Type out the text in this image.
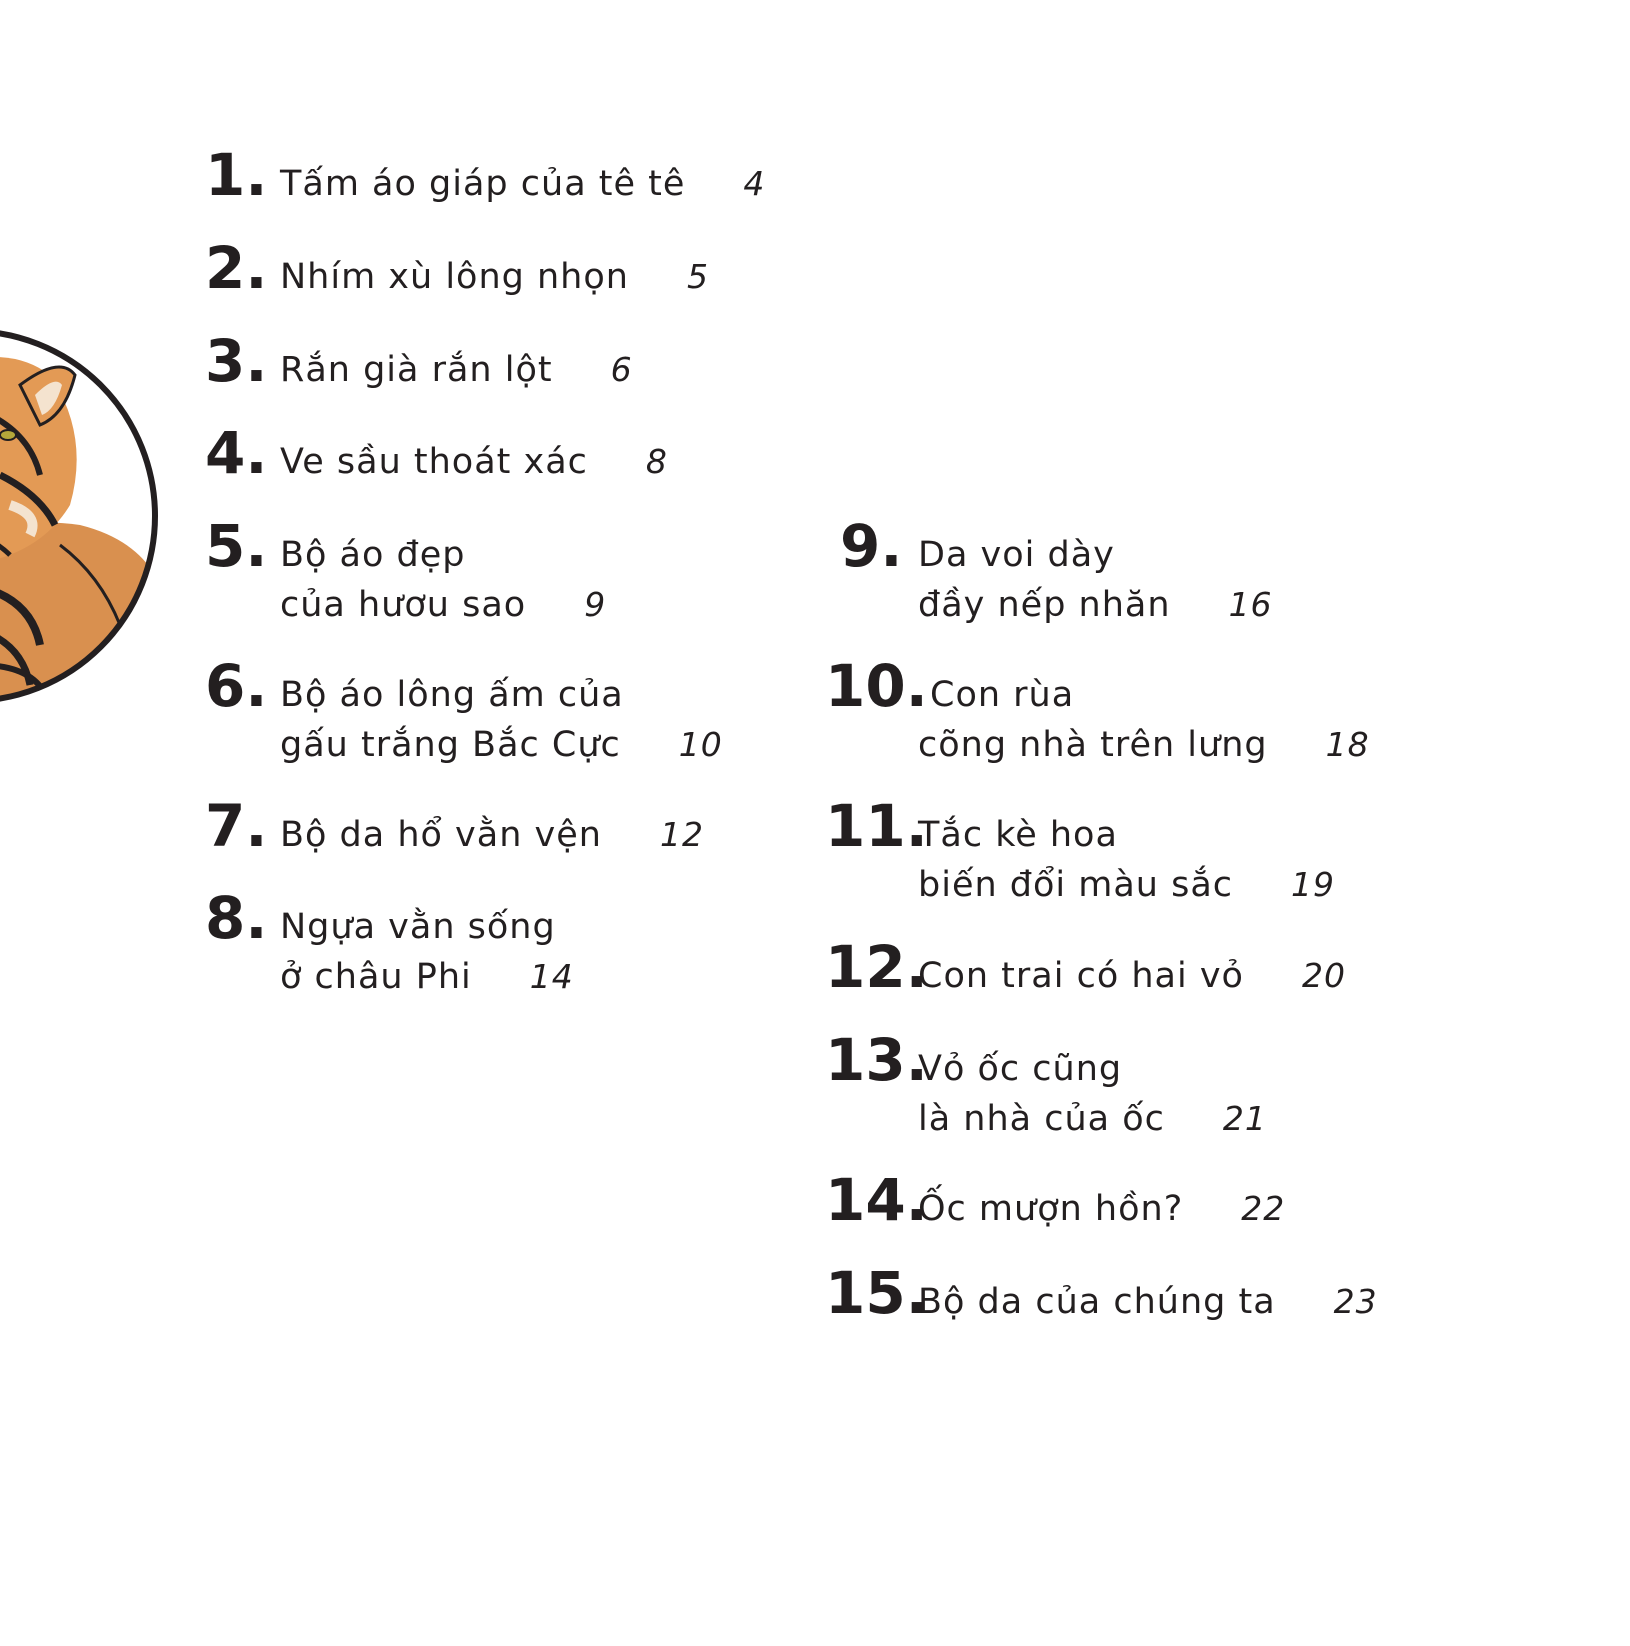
1. Tấm áo giáp của tê tê 4
2. Nhím xù lông nhọn 5
3. Rắn già rắn lột 6
4. Ve sầu thoát xác 8
5. Bộ áo đẹp
của hươu sao 9
6. Bộ áo lông ấm của
gấu trắng Bắc Cực 10
7. Bộ da hổ vằn vện 12
8. Ngựa vằn sống
ở châu Phi 14
9. Da voi dày
đầy nếp nhăn 16
10. Con rùa
cõng nhà trên lưng 18
11.
Tắc kè hoa
biến đổi màu sắc 19
12.
Con trai có hai vỏ 20
13.
Vỏ ốc cũng
là nhà của ốc 21
14.
Ốc mượn hồn? 22
15.
Bộ da của chúng ta 23
